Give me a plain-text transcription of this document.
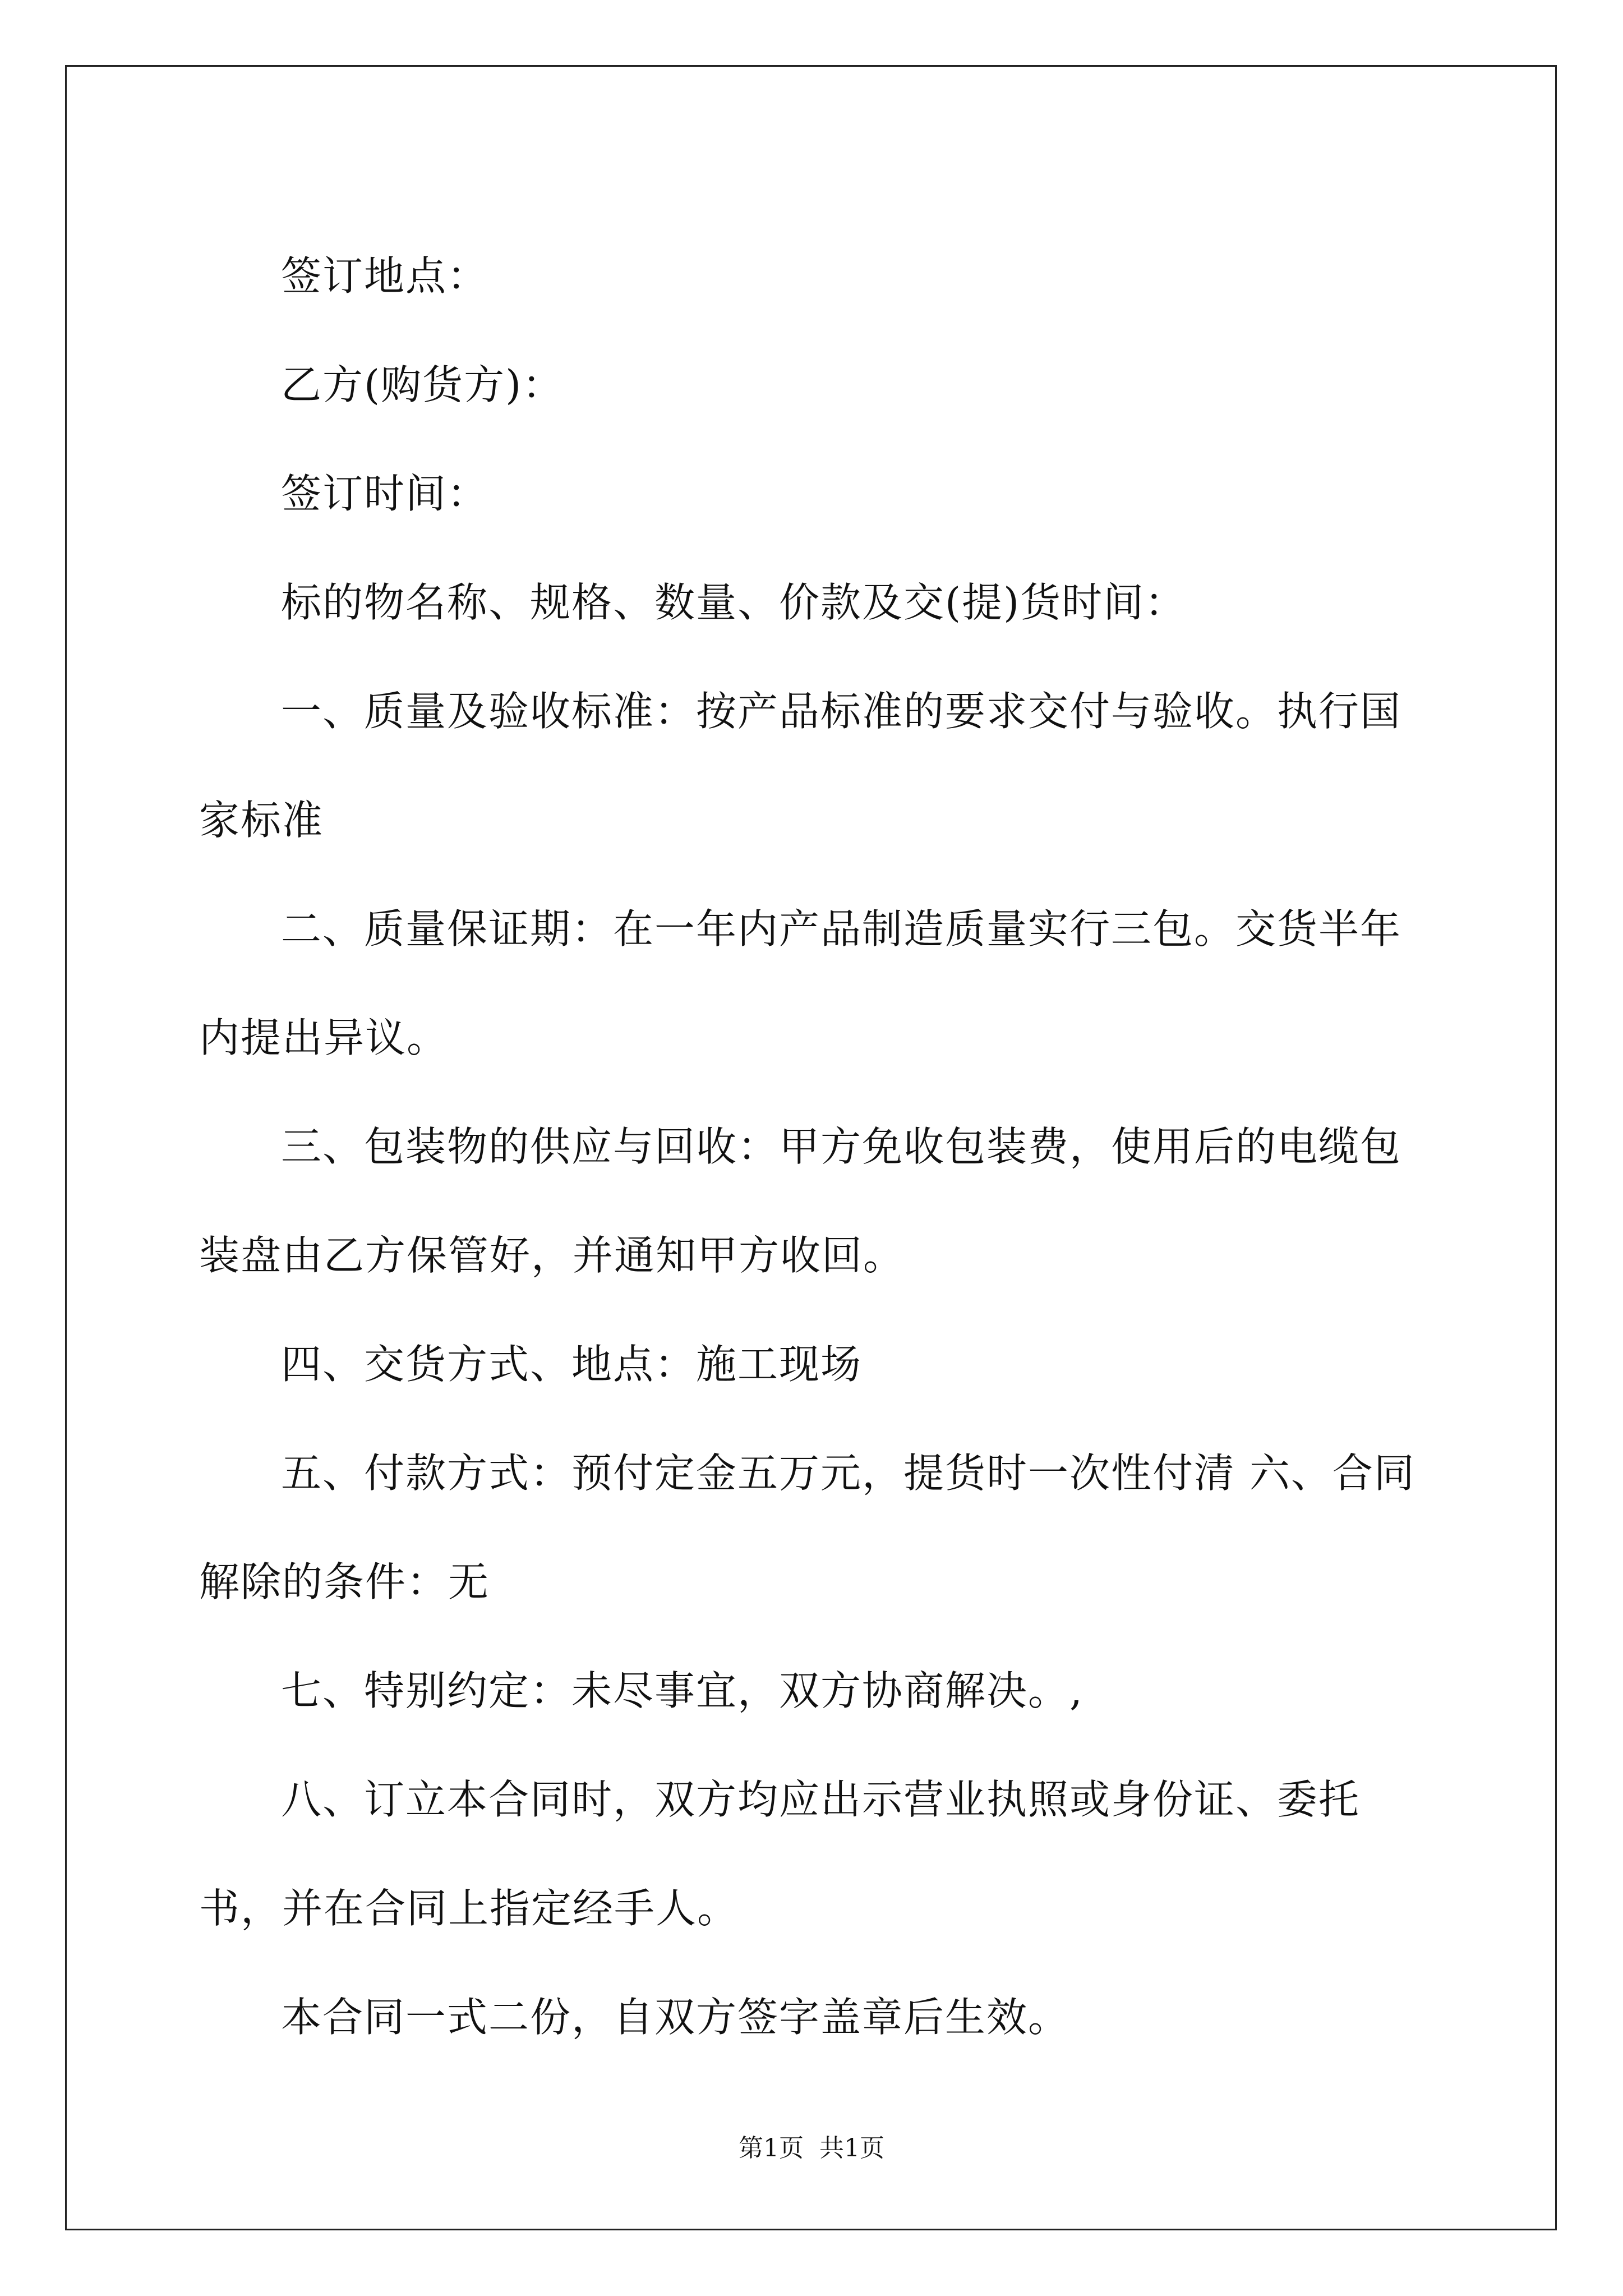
签订地点：

乙方(购货方)：

签订时间：

标的物名称、规格、数量、价款及交(提)货时间：

一、质量及验收标准：按产品标准的要求交付与验收。执行国家标准

二、质量保证期：在一年内产品制造质量实行三包。交货半年内提出异议。

三、包装物的供应与回收：甲方免收包装费，使用后的电缆包装盘由乙方保管好，并通知甲方收回。

四、交货方式、地点：施工现场

五、付款方式：预付定金五万元，提货时一次性付清 六、合同解除的条件：无

七、特别约定：未尽事宜，双方协商解决。,

八、订立本合同时，双方均应出示营业执照或身份证、委托书，并在合同上指定经手人。

本合同一式二份，自双方签字盖章后生效。

第1页 共1页
